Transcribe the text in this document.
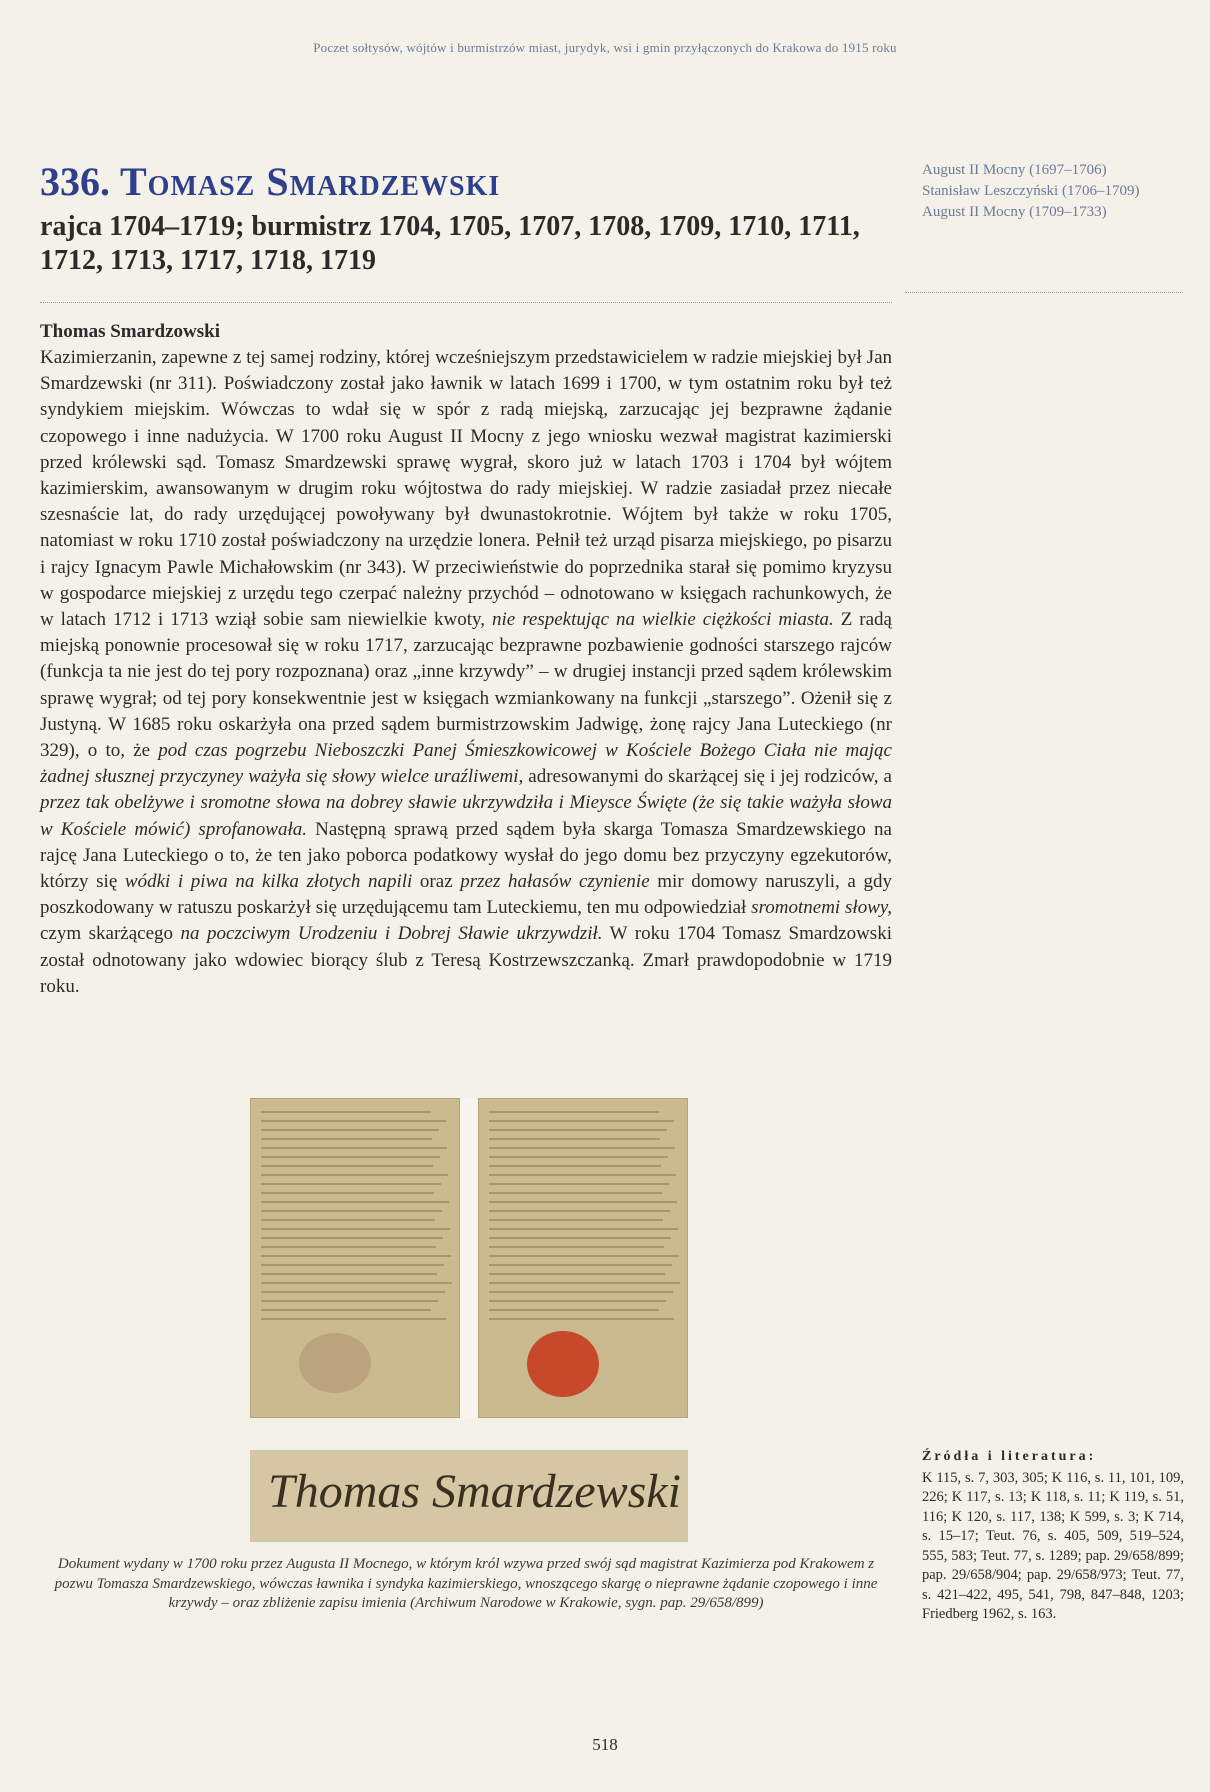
Poczet sołtysów, wójtów i burmistrzów miast, jurydyk, wsi i gmin przyłączonych do Krakowa do 1915 roku
336. Tomasz Smardzewski
rajca 1704–1719; burmistrz 1704, 1705, 1707, 1708, 1709, 1710, 1711, 1712, 1713, 1717, 1718, 1719
Thomas Smardzowski

Kazimierzanin, zapewne z tej samej rodziny, której wcześniejszym przedstawicielem w radzie miejskiej był Jan Smardzewski (nr 311). Poświadczony został jako ławnik w latach 1699 i 1700, w tym ostatnim roku był też syndykiem miejskim. Wówczas to wdał się w spór z radą miejską, zarzucając jej bezprawne żądanie czopowego i inne nadużycia. W 1700 roku August II Mocny z jego wniosku wezwał magistrat kazimierski przed królewski sąd. Tomasz Smardzewski sprawę wygrał, skoro już w latach 1703 i 1704 był wójtem kazimierskim, awansowanym w drugim roku wójtostwa do rady miejskiej. W radzie zasiadał przez niecałe szesnaście lat, do rady urzędującej powoływany był dwunastokrotnie. Wójtem był także w roku 1705, natomiast w roku 1710 został poświadczony na urzędzie lonera. Pełnił też urząd pisarza miejskiego, po pisarzu i rajcy Ignacym Pawle Michałowskim (nr 343). W przeciwieństwie do poprzednika starał się pomimo kryzysu w gospodarce miejskiej z urzędu tego czerpać należny przychód – odnotowano w księgach rachunkowych, że w latach 1712 i 1713 wziął sobie sam niewielkie kwoty, nie respektując na wielkie ciężkości miasta. Z radą miejską ponownie procesował się w roku 1717, zarzucając bezprawne pozbawienie godności starszego rajców (funkcja ta nie jest do tej pory rozpoznana) oraz „inne krzywdy” – w drugiej instancji przed sądem królewskim sprawę wygrał; od tej pory konsekwentnie jest w księgach wzmiankowany na funkcji „starszego”. Ożenił się z Justyną. W 1685 roku oskarżyła ona przed sądem burmistrzowskim Jadwigę, żonę rajcy Jana Luteckiego (nr 329), o to, że pod czas pogrzebu Nieboszczki Panej Śmieszkowicowej w Kościele Bożego Ciała nie mając żadnej słusznej przyczyney ważyła się słowy wielce uraźliwemi, adresowanymi do skarżącej się i jej rodziców, a przez tak obelżywe i sromotne słowa na dobrey sławie ukrzywdziła i Mieysce Święte (że się takie ważyła słowa w Kościele mówić) sprofanowała. Następną sprawą przed sądem była skarga Tomasza Smardzewskiego na rajcę Jana Luteckiego o to, że ten jako poborca podatkowy wysłał do jego domu bez przyczyny egzekutorów, którzy się wódki i piwa na kilka złotych napili oraz przez hałasów czynienie mir domowy naruszyli, a gdy poszkodowany w ratuszu poskarżył się urzędującemu tam Luteckiemu, ten mu odpowiedział sromotnemi słowy, czym skarżącego na poczciwym Urodzeniu i Dobrej Sławie ukrzywdził. W roku 1704 Tomasz Smardzowski został odnotowany jako wdowiec biorący ślub z Teresą Kostrzewszczanką. Zmarł prawdopodobnie w 1719 roku.

August II Mocny (1697–1706)
Stanisław Leszczyński (1706–1709)
August II Mocny (1709–1733)
Thomas Smardzewski
Dokument wydany w 1700 roku przez Augusta II Mocnego, w którym król wzywa przed swój sąd magistrat Kazimierza pod Krakowem z pozwu Tomasza Smardzewskiego, wówczas ławnika i syndyka kazimierskiego, wnoszącego skargę o nieprawne żądanie czopowego i inne krzywdy – oraz zbliżenie zapisu imienia (Archiwum Narodowe w Krakowie, sygn. pap. 29/658/899)
Źródła i literatura:
K 115, s. 7, 303, 305; K 116, s. 11, 101, 109, 226; K 117, s. 13; K 118, s. 11; K 119, s. 51, 116; K 120, s. 117, 138; K 599, s. 3; K 714, s. 15–17; Teut. 76, s. 405, 509, 519–524, 555, 583; Teut. 77, s. 1289; pap. 29/658/899; pap. 29/658/904; pap. 29/658/973; Teut. 77, s. 421–422, 495, 541, 798, 847–848, 1203; Friedberg 1962, s. 163.
518
